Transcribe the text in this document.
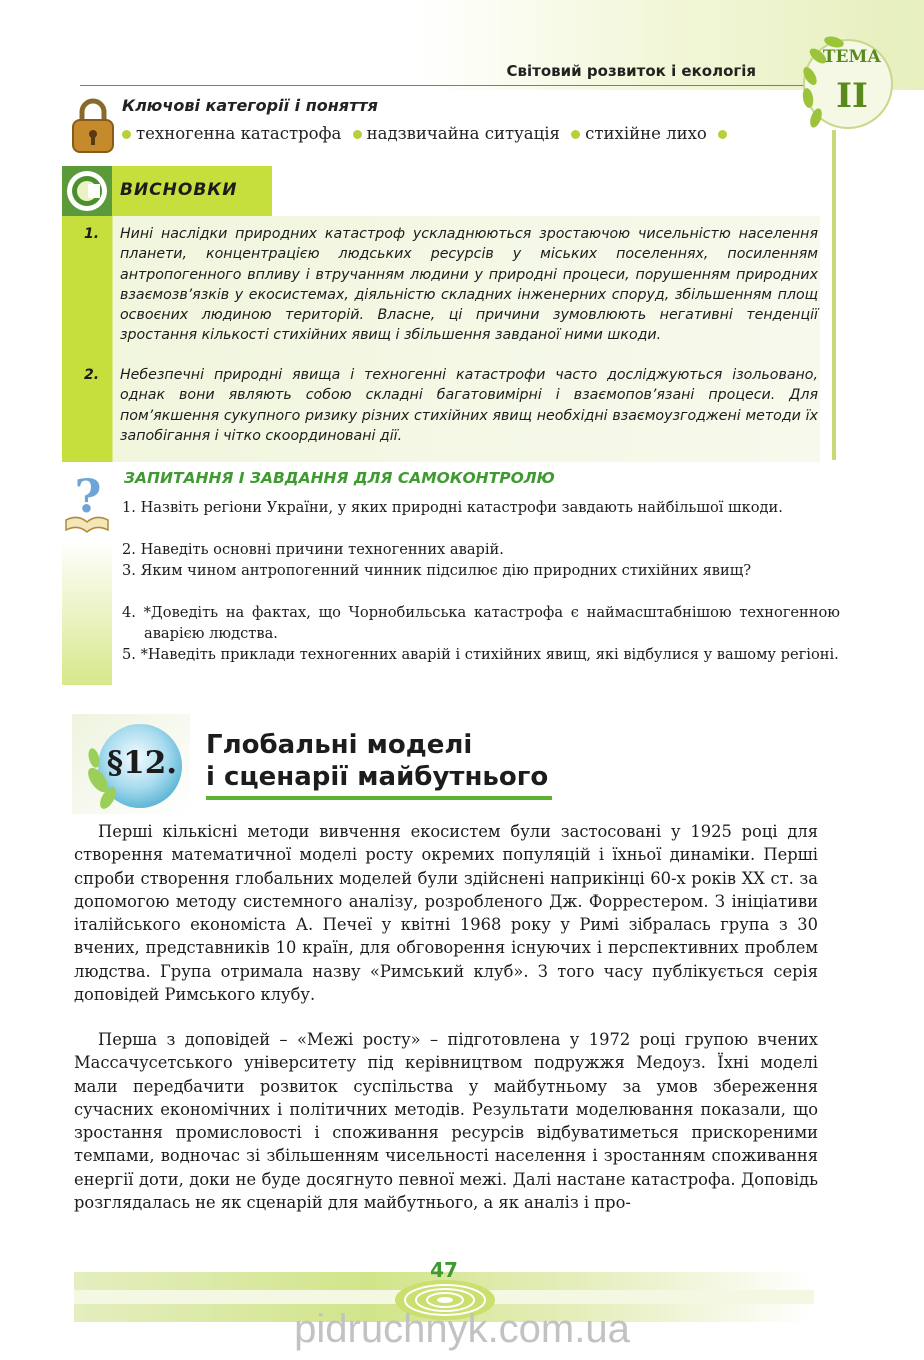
Світовий розвиток і екологія
ТЕМА
II
Ключові категорії і поняття
техногенна катастрофа надзвичайна ситуація стихійне лихо
ВИСНОВКИ
1. Нині наслідки природних катастроф ускладнюються зростаючою чисельністю населення планети, концентрацією людських ресурсів у міських поселеннях, посиленням антропогенного впливу і втручанням людини у природні процеси, порушенням природних взаємозв’язків у екосистемах, діяльністю складних інженерних споруд, збільшенням площ освоєних людиною територій. Власне, ці причини зумовлюють негативні тенденції зростання кількості стихійних явищ і збільшення завданої ними шкоди.
2. Небезпечні природні явища і техногенні катастрофи часто досліджуються ізольовано, однак вони являють собою складні багатовимірні і взаємопов’язані процеси. Для пом’якшення сукупного ризику різних стихійних явищ необхідні взаємоузгоджені методи їх запобігання і чітко скоординовані дії.
? ЗАПИТАННЯ І ЗАВДАННЯ ДЛЯ САМОКОНТРОЛЮ
1. Назвіть регіони України, у яких природні катастрофи завдають найбільшої шкоди.
2. Наведіть основні причини техногенних аварій.
3. Яким чином антропогенний чинник підсилює дію природних стихійних явищ?
4. *Доведіть на фактах, що Чорнобильська катастрофа є наймасштабнішою техногенною аварією людства.
5. *Наведіть приклади техногенних аварій і стихійних явищ, які відбулися у вашому регіоні.
§12.	Глобальні моделі
і сценарії майбутнього
Перші кількісні методи вивчення екосистем були застосовані у 1925 році для створення математичної моделі росту окремих популяцій і їхньої динаміки. Перші спроби створення глобальних моделей були здійснені наприкінці 60-х років XX ст. за допомогою методу системного аналізу, розробленого Дж. Форрестером. З ініціативи італійського економіста А. Печеї у квітні 1968 року у Римі зібралась група з 30 вчених, представників 10 країн, для обговорення існуючих і перспективних проблем людства. Група отримала назву «Римський клуб». З того часу публікується серія доповідей Римського клубу.
Перша з доповідей – «Межі росту» – підготовлена у 1972 році групою вчених Массачусетського університету під керівництвом подружжя Медоуз. Їхні моделі мали передбачити розвиток суспільства у майбутньому за умов збереження сучасних економічних і політичних методів. Результати моделювання показали, що зростання промисловості і споживання ресурсів відбуватиметься прискореними темпами, водночас зі збільшенням чисельності населення і зростанням споживання енергії доти, доки не буде досягнуто певної межі. Далі настане катастрофа. Доповідь розглядалась не як сценарій для майбутнього, а як аналіз і про-
47
pidruchnyk.com.ua
